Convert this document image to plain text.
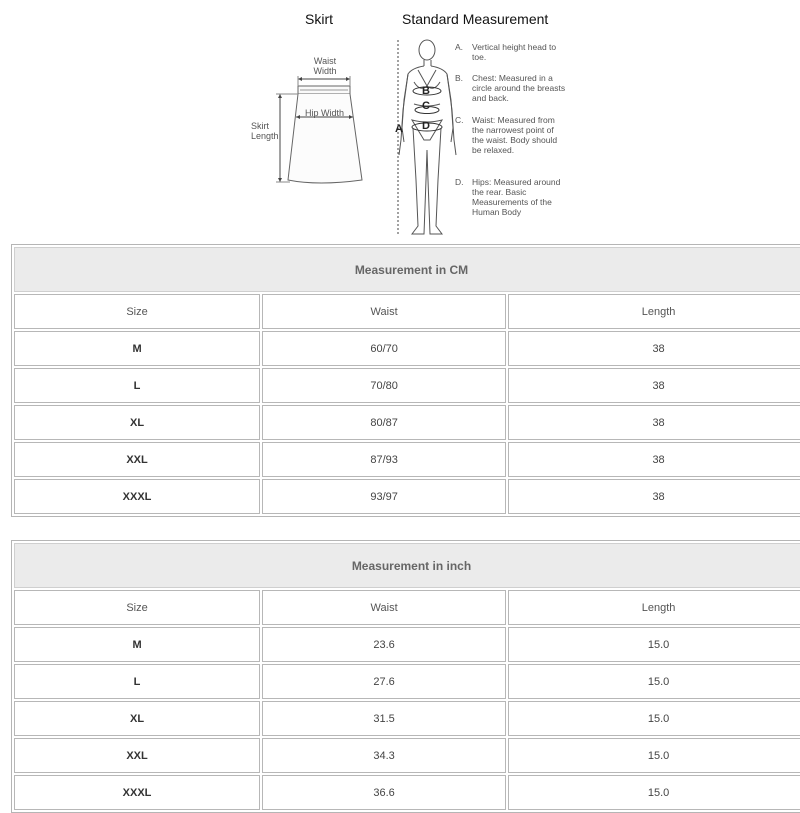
Skirt	Standard Measurement
Waist
Width
Hip Width
Skirt
Length
A
B
C
D
A. Vertical height head to toe.
B. Chest: Measured in a circle around the breasts and back.
C. Waist: Measured from the narrowest point of the waist. Body should be relaxed.
D. Hips: Measured around the rear. Basic Measurements of the Human Body
Measurement in CM		
Size	Waist	Length
M	60/70	38
L	70/80	38
XL	80/87	38
XXL	87/93	38
XXXL	93/97	38
Measurement in inch		
Size	Waist	Length
M	23.6	15.0
L	27.6	15.0
XL	31.5	15.0
XXL	34.3	15.0
XXXL	36.6	15.0
